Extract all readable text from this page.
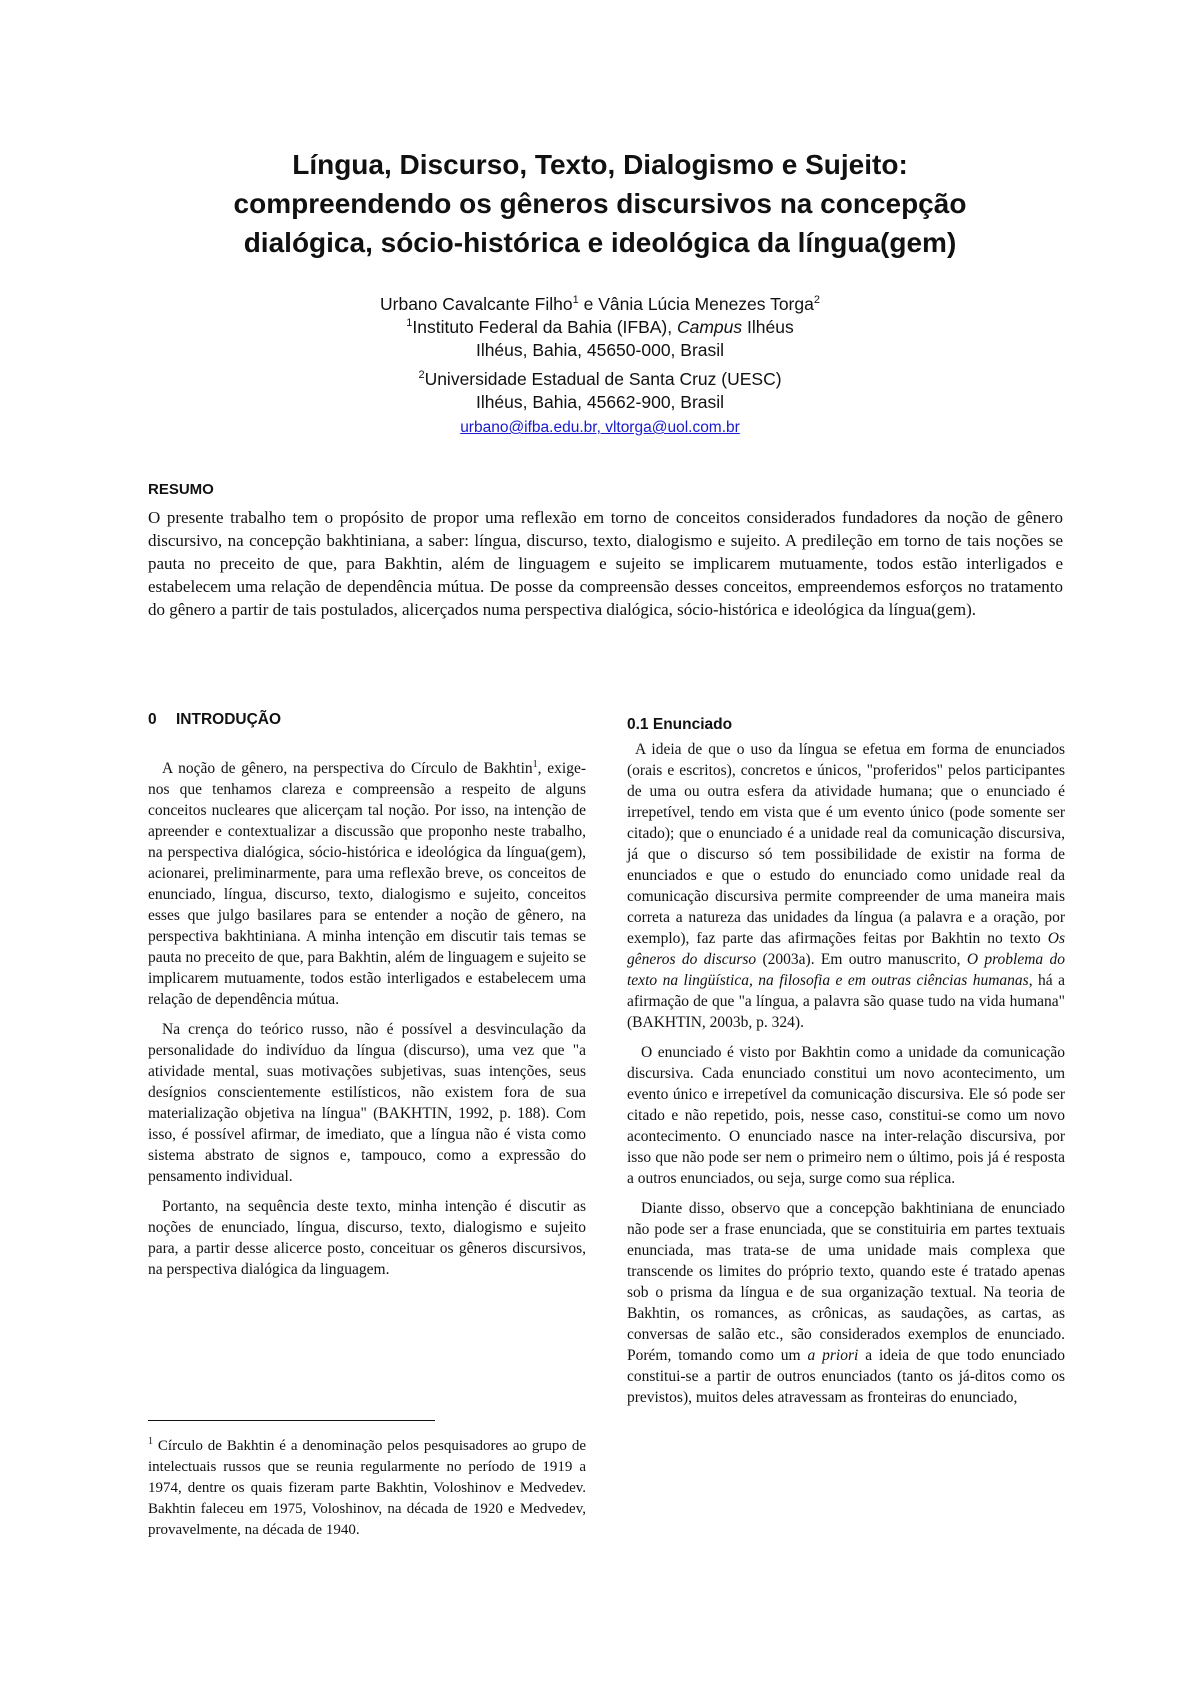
Língua, Discurso, Texto, Dialogismo e Sujeito:
compreendendo os gêneros discursivos na concepção
dialógica, sócio-histórica e ideológica da língua(gem)
Urbano Cavalcante Filho$^1$ e Vânia Lúcia Menezes Torga$^2$
$^1$Instituto Federal da Bahia (IFBA), Campus Ilhéus
Ilhéus, Bahia, 45650-000, Brasil
$^2$Universidade Estadual de Santa Cruz (UESC)
Ilhéus, Bahia, 45662-900, Brasil
urbano@ifba.edu.br, vltorga@uol.com.br
RESUMO

O presente trabalho tem o propósito de propor uma reflexão em torno de conceitos considerados fundadores da noção de gênero discursivo, na concepção bakhtiniana, a saber: língua, discurso, texto, dialogismo e sujeito. A predileção em torno de tais noções se pauta no preceito de que, para Bakhtin, além de linguagem e sujeito se implicarem mutuamente, todos estão interligados e estabelecem uma relação de dependência mútua. De posse da compreensão desses conceitos, empreendemos esforços no tratamento do gênero a partir de tais postulados, alicerçados numa perspectiva dialógica, sócio-histórica e ideológica da língua(gem).

0 INTRODUÇÃO

A noção de gênero, na perspectiva do Círculo de Bakhtin$^1$, exige-nos que tenhamos clareza e compreensão a respeito de alguns conceitos nucleares que alicerçam tal noção. Por isso, na intenção de apreender e contextualizar a discussão que proponho neste trabalho, na perspectiva dialógica, sócio-histórica e ideológica da língua(gem), acionarei, preliminarmente, para uma reflexão breve, os conceitos de enunciado, língua, discurso, texto, dialogismo e sujeito, conceitos esses que julgo basilares para se entender a noção de gênero, na perspectiva bakhtiniana. A minha intenção em discutir tais temas se pauta no preceito de que, para Bakhtin, além de linguagem e sujeito se implicarem mutuamente, todos estão interligados e estabelecem uma relação de dependência mútua.

Na crença do teórico russo, não é possível a desvinculação da personalidade do indivíduo da língua (discurso), uma vez que "a atividade mental, suas motivações subjetivas, suas intenções, seus desígnios conscientemente estilísticos, não existem fora de sua materialização objetiva na língua" (BAKHTIN, 1992, p. 188). Com isso, é possível afirmar, de imediato, que a língua não é vista como sistema abstrato de signos e, tampouco, como a expressão do pensamento individual.

Portanto, na sequência deste texto, minha intenção é discutir as noções de enunciado, língua, discurso, texto, dialogismo e sujeito para, a partir desse alicerce posto, conceituar os gêneros discursivos, na perspectiva dialógica da linguagem.

$^1$ Círculo de Bakhtin é a denominação pelos pesquisadores ao grupo de intelectuais russos que se reunia regularmente no período de 1919 a 1974, dentre os quais fizeram parte Bakhtin, Voloshinov e Medvedev. Bakhtin faleceu em 1975, Voloshinov, na década de 1920 e Medvedev, provavelmente, na década de 1940.

0.1 Enunciado

A ideia de que o uso da língua se efetua em forma de enunciados (orais e escritos), concretos e únicos, "proferidos" pelos participantes de uma ou outra esfera da atividade humana; que o enunciado é irrepetível, tendo em vista que é um evento único (pode somente ser citado); que o enunciado é a unidade real da comunicação discursiva, já que o discurso só tem possibilidade de existir na forma de enunciados e que o estudo do enunciado como unidade real da comunicação discursiva permite compreender de uma maneira mais correta a natureza das unidades da língua (a palavra e a oração, por exemplo), faz parte das afirmações feitas por Bakhtin no texto Os gêneros do discurso (2003a). Em outro manuscrito, O problema do texto na lingüística, na filosofia e em outras ciências humanas, há a afirmação de que "a língua, a palavra são quase tudo na vida humana" (BAKHTIN, 2003b, p. 324).

O enunciado é visto por Bakhtin como a unidade da comunicação discursiva. Cada enunciado constitui um novo acontecimento, um evento único e irrepetível da comunicação discursiva. Ele só pode ser citado e não repetido, pois, nesse caso, constitui-se como um novo acontecimento. O enunciado nasce na inter-relação discursiva, por isso que não pode ser nem o primeiro nem o último, pois já é resposta a outros enunciados, ou seja, surge como sua réplica.

Diante disso, observo que a concepção bakhtiniana de enunciado não pode ser a frase enunciada, que se constituiria em partes textuais enunciada, mas trata-se de uma unidade mais complexa que transcende os limites do próprio texto, quando este é tratado apenas sob o prisma da língua e de sua organização textual. Na teoria de Bakhtin, os romances, as crônicas, as saudações, as cartas, as conversas de salão etc., são considerados exemplos de enunciado. Porém, tomando como um a priori a ideia de que todo enunciado constitui-se a partir de outros enunciados (tanto os já-ditos como os previstos), muitos deles atravessam as fronteiras do enunciado,
